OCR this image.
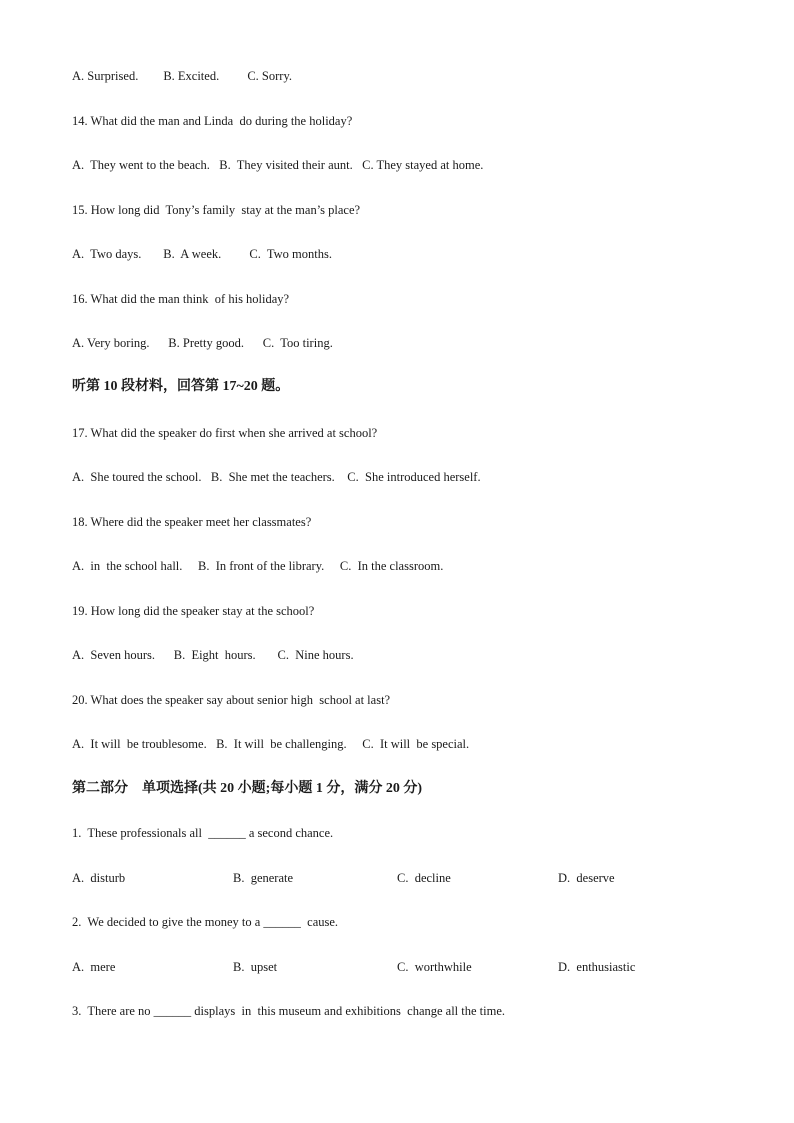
A. Surprised.        B. Excited.         C. Sorry.
14. What did the man and Linda  do during the holiday?
A.  They went to the beach.   B.  They visited their aunt.   C. They stayed at home.
15. How long did  Tony’s family  stay at the man’s place?
A.  Two days.       B.  A week.         C.  Two months.
16. What did the man think  of his holiday?
A. Very boring.      B. Pretty good.      C.  Too tiring.
听第 10 段材料，回答第 17~20 题。
17. What did the speaker do first when she arrived at school?
A.  She toured the school.   B.  She met the teachers.    C.  She introduced herself.
18. Where did the speaker meet her classmates?
A.  in  the school hall.     B.  In front of the library.     C.  In the classroom.
19. How long did the speaker stay at the school?
A.  Seven hours.      B.  Eight  hours.       C.  Nine hours.
20. What does the speaker say about senior high  school at last?
A.  It will  be troublesome.   B.  It will  be challenging.     C.  It will  be special.
第二部分    单项选择(共 20 小题;每小题 1 分，满分 20 分)
1.  These professionals all  ______ a second chance.
A.  disturb	B.  generate	C.  decline	D.  deserve
2.  We decided to give the money to a ______  cause.
A.  mere	B.  upset	C.  worthwhile	D.  enthusiastic
3.  There are no ______ displays  in  this museum and exhibitions  change all the time.
